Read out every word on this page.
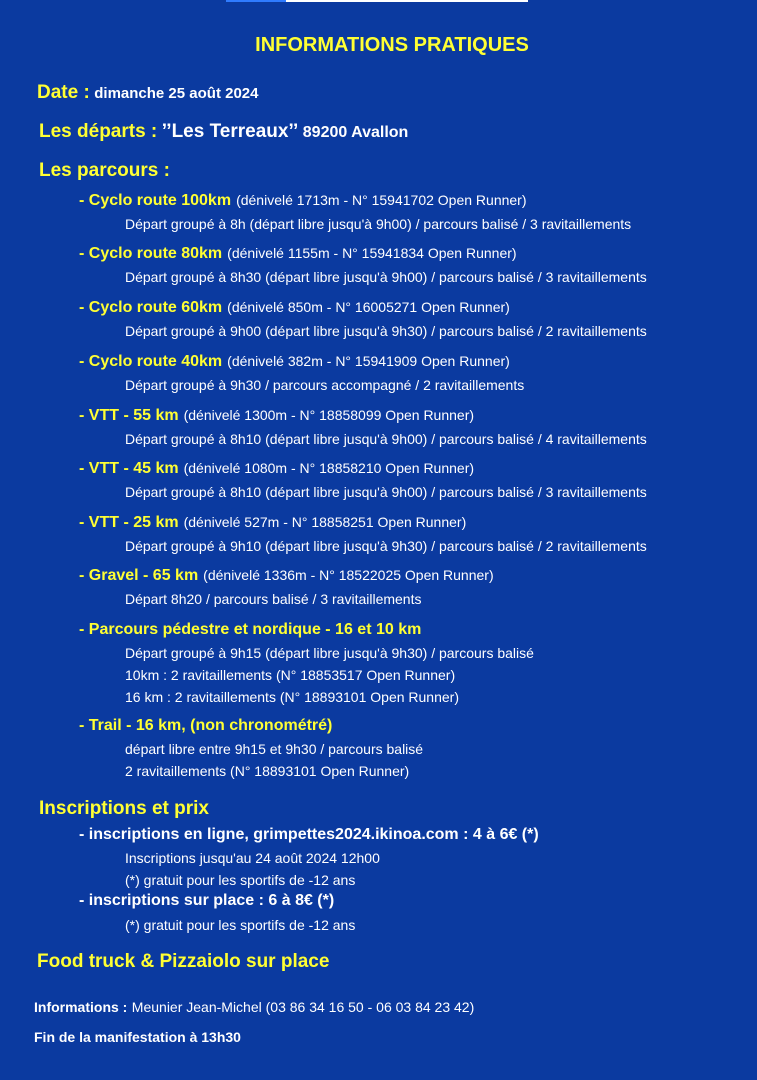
INFORMATIONS PRATIQUES
Date : dimanche 25 août 2024
Les départs : ’’Les Terreaux’’ 89200 Avallon
Les parcours :
- Cyclo route 100km (dénivelé 1713m - N° 15941702 Open Runner)
Départ groupé à 8h (départ libre jusqu'à 9h00) / parcours balisé / 3 ravitaillements
- Cyclo route 80km (dénivelé 1155m - N° 15941834 Open Runner)
Départ groupé à 8h30 (départ libre jusqu'à 9h00) / parcours balisé / 3 ravitaillements
- Cyclo route 60km (dénivelé 850m - N° 16005271 Open Runner)
Départ groupé à 9h00 (départ libre jusqu'à 9h30) / parcours balisé / 2 ravitaillements
- Cyclo route 40km (dénivelé 382m - N° 15941909 Open Runner)
Départ groupé à 9h30 / parcours accompagné / 2 ravitaillements
- VTT - 55 km (dénivelé 1300m - N° 18858099 Open Runner)
Départ groupé à 8h10 (départ libre jusqu'à 9h00) / parcours balisé / 4 ravitaillements
- VTT - 45 km (dénivelé 1080m - N° 18858210 Open Runner)
Départ groupé à 8h10 (départ libre jusqu'à 9h00) / parcours balisé / 3 ravitaillements
- VTT - 25 km (dénivelé 527m - N° 18858251 Open Runner)
Départ groupé à 9h10 (départ libre jusqu'à 9h30) / parcours balisé / 2 ravitaillements
- Gravel - 65 km (dénivelé 1336m - N° 18522025 Open Runner)
Départ 8h20 / parcours balisé / 3 ravitaillements
- Parcours pédestre et nordique - 16 et 10 km
Départ groupé à 9h15 (départ libre jusqu'à 9h30) / parcours balisé
10km : 2 ravitaillements (N° 18853517 Open Runner)
16 km : 2 ravitaillements (N° 18893101 Open Runner)
- Trail - 16 km, (non chronométré)
départ libre entre 9h15 et 9h30 / parcours balisé
2 ravitaillements (N° 18893101 Open Runner)
Inscriptions et prix
- inscriptions en ligne, grimpettes2024.ikinoa.com : 4 à 6€ (*)
Inscriptions jusqu'au 24 août 2024 12h00
(*) gratuit pour les sportifs de -12 ans
- inscriptions sur place : 6 à 8€ (*)
(*) gratuit pour les sportifs de -12 ans
Food truck & Pizzaiolo sur place
Informations : Meunier Jean-Michel (03 86 34 16 50 - 06 03 84 23 42)
Fin de la manifestation à 13h30
